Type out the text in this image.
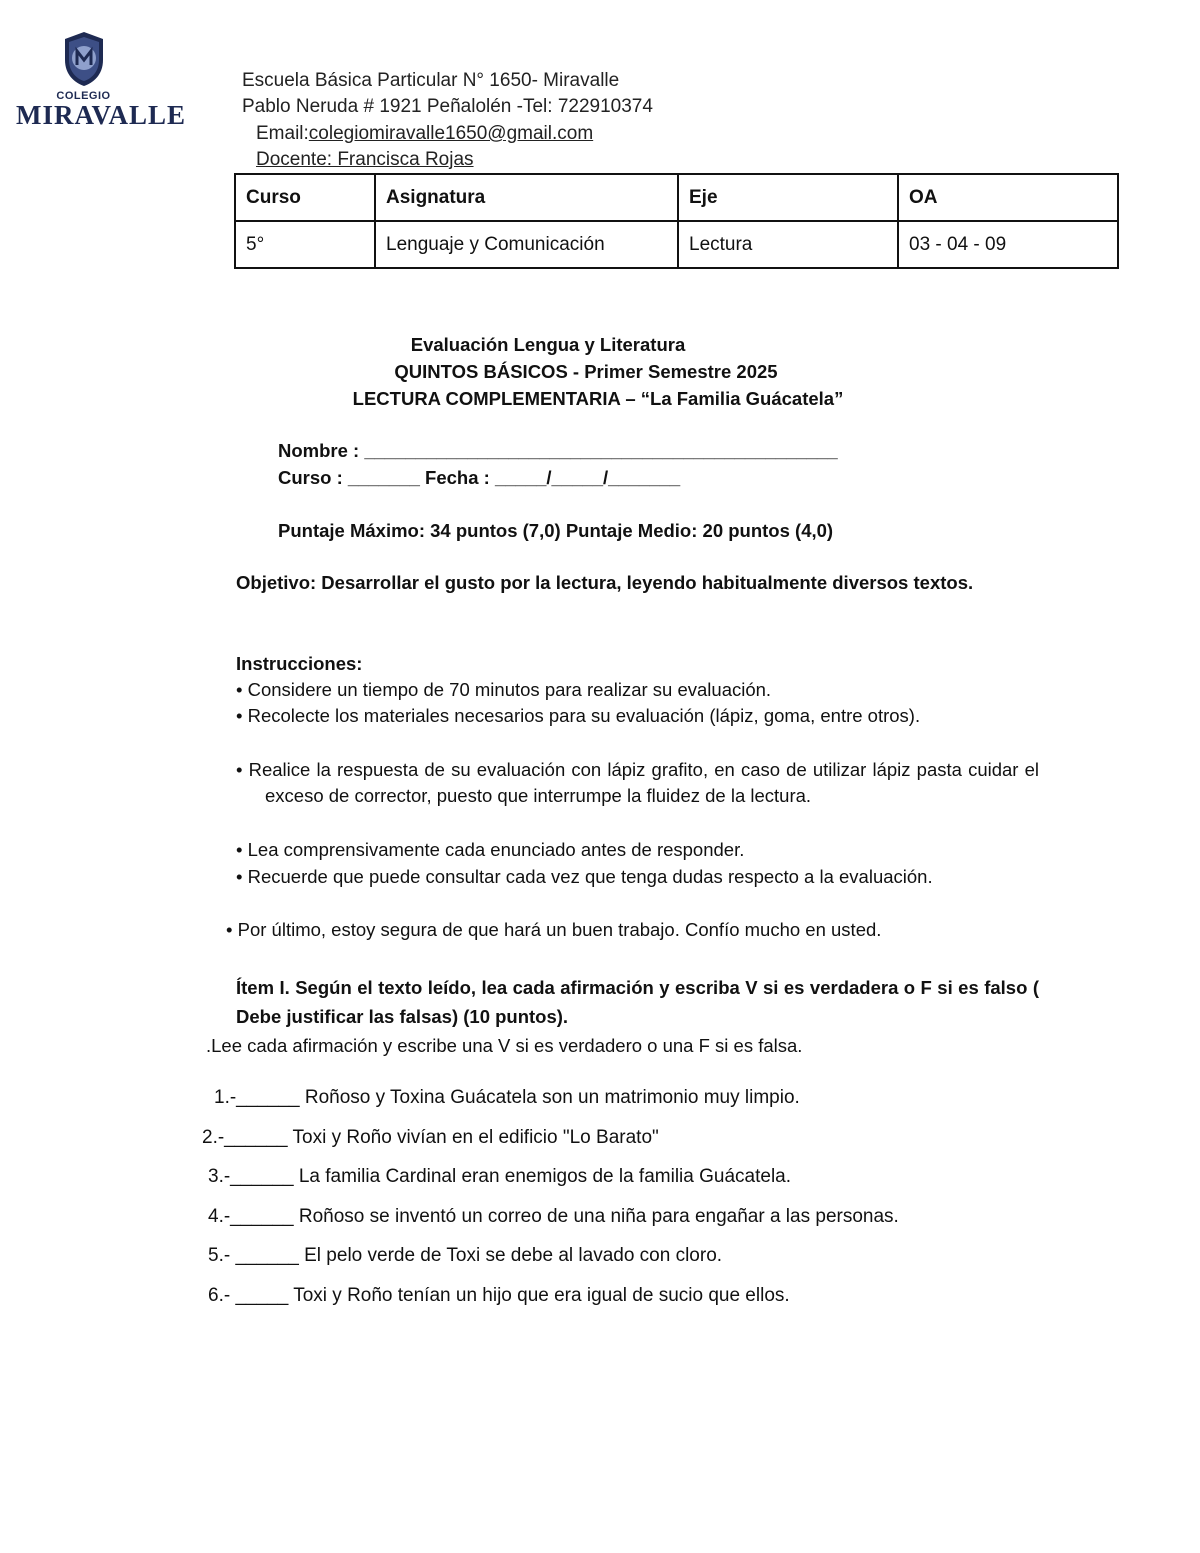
COLEGIO
MIRAVALLE
Escuela Básica Particular N° 1650- Miravalle
Pablo Neruda # 1921 Peñalolén -Tel: 722910374
Email:colegiomiravalle1650@gmail.com
Docente: Francisca Rojas
Curso	Asignatura	Eje	OA
5°	Lenguaje y Comunicación	Lectura	03 - 04 - 09
Evaluación Lengua y Literatura
QUINTOS BÁSICOS - Primer Semestre 2025
LECTURA COMPLEMENTARIA – “La Familia Guácatela”
Nombre : ______________________________________________
Curso : _______ Fecha : _____/_____/_______
Puntaje Máximo: 34 puntos (7,0) Puntaje Medio: 20 puntos (4,0)
Objetivo: Desarrollar el gusto por la lectura, leyendo habitualmente diversos textos.
Instrucciones:
• Considere un tiempo de 70 minutos para realizar su evaluación.
• Recolecte los materiales necesarios para su evaluación (lápiz, goma, entre otros).
• Realice la respuesta de su evaluación con lápiz grafito, en caso de utilizar lápiz pasta cuidar el exceso de corrector, puesto que interrumpe la fluidez de la lectura.
• Lea comprensivamente cada enunciado antes de responder.
• Recuerde que puede consultar cada vez que tenga dudas respecto a la evaluación.
• Por último, estoy segura de que hará un buen trabajo. Confío mucho en usted.
Ítem I. Según el texto leído, lea cada afirmación y escriba V si es verdadera o F si es falso ( Debe justificar las falsas) (10 puntos).
.Lee cada afirmación y escribe una V si es verdadero o una F si es falsa.
1.-______ Roñoso y Toxina Guácatela son un matrimonio muy limpio.
2.-______ Toxi y Roño vivían en el edificio "Lo Barato"
3.-______ La familia Cardinal eran enemigos de la familia Guácatela.
4.-______ Roñoso se inventó un correo de una niña para engañar a las personas.
5.- ______ El pelo verde de Toxi se debe al lavado con cloro.
6.- _____ Toxi y Roño tenían un hijo que era igual de sucio que ellos.
